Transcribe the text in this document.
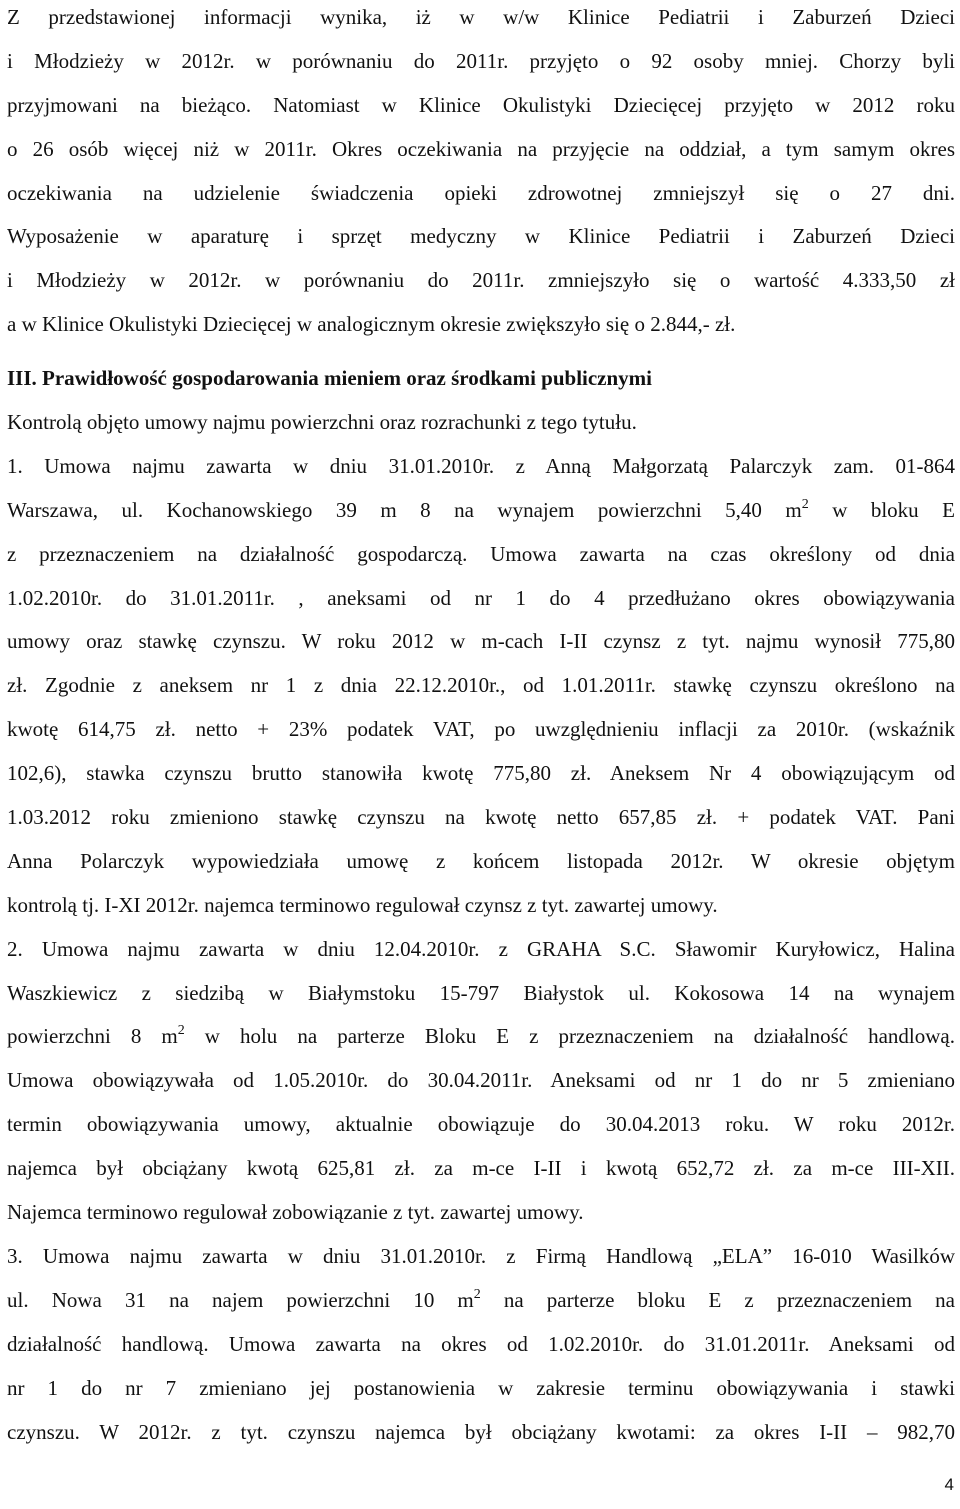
Z przedstawionej informacji wynika, iż w w/w Klinice Pediatrii i Zaburzeń Dzieci
i Młodzieży w 2012r. w porównaniu do 2011r. przyjęto o 92 osoby mniej. Chorzy byli
przyjmowani na bieżąco. Natomiast w Klinice Okulistyki Dziecięcej przyjęto w 2012 roku
o 26 osób więcej niż w 2011r. Okres oczekiwania na przyjęcie na oddział, a tym samym okres
oczekiwania na udzielenie świadczenia opieki zdrowotnej zmniejszył się o 27 dni.
Wyposażenie w aparaturę i sprzęt medyczny w Klinice Pediatrii i Zaburzeń Dzieci
i Młodzieży w 2012r. w porównaniu do 2011r. zmniejszyło się o wartość 4.333,50 zł
a w Klinice Okulistyki Dziecięcej w analogicznym okresie zwiększyło się o 2.844,- zł.
III. Prawidłowość gospodarowania mieniem oraz środkami publicznymi
Kontrolą objęto umowy najmu powierzchni oraz rozrachunki z tego tytułu.
1. Umowa najmu zawarta w dniu 31.01.2010r. z Anną Małgorzatą Palarczyk zam. 01-864
Warszawa, ul. Kochanowskiego 39 m 8 na wynajem powierzchni 5,40 $m^2$ w bloku E
z przeznaczeniem na działalność gospodarczą. Umowa zawarta na czas określony od dnia
1.02.2010r. do 31.01.2011r. , aneksami od nr 1 do 4 przedłużano okres obowiązywania
umowy oraz stawkę czynszu. W roku 2012 w m-cach I-II czynsz z tyt. najmu wynosił 775,80
zł. Zgodnie z aneksem nr 1 z dnia 22.12.2010r., od 1.01.2011r. stawkę czynszu określono na
kwotę 614,75 zł. netto + 23% podatek VAT, po uwzględnieniu inflacji za 2010r. (wskaźnik
102,6), stawka czynszu brutto stanowiła kwotę 775,80 zł. Aneksem Nr 4 obowiązującym od
1.03.2012 roku zmieniono stawkę czynszu na kwotę netto 657,85 zł. + podatek VAT. Pani
Anna Polarczyk wypowiedziała umowę z końcem listopada 2012r. W okresie objętym
kontrolą tj. I-XI 2012r. najemca terminowo regulował czynsz z tyt. zawartej umowy.
2. Umowa najmu zawarta w dniu 12.04.2010r. z GRAHA S.C. Sławomir Kuryłowicz, Halina
Waszkiewicz z siedzibą w Białymstoku 15-797 Białystok ul. Kokosowa 14 na wynajem
powierzchni 8 $m^2$ w holu na parterze Bloku E z przeznaczeniem na działalność handlową.
Umowa obowiązywała od 1.05.2010r. do 30.04.2011r. Aneksami od nr 1 do nr 5 zmieniano
termin obowiązywania umowy, aktualnie obowiązuje do 30.04.2013 roku. W roku 2012r.
najemca był obciążany kwotą 625,81 zł. za m-ce I-II i kwotą 652,72 zł. za m-ce III-XII.
Najemca terminowo regulował zobowiązanie z tyt. zawartej umowy.
3. Umowa najmu zawarta w dniu 31.01.2010r. z Firmą Handlową „ELA” 16-010 Wasilków
ul. Nowa 31 na najem powierzchni 10 $m^2$ na parterze bloku E z przeznaczeniem na
działalność handlową. Umowa zawarta na okres od 1.02.2010r. do 31.01.2011r. Aneksami od
nr 1 do nr 7 zmieniano jej postanowienia w zakresie terminu obowiązywania i stawki
czynszu. W 2012r. z tyt. czynszu najemca był obciążany kwotami: za okres I-II – 982,70
4
